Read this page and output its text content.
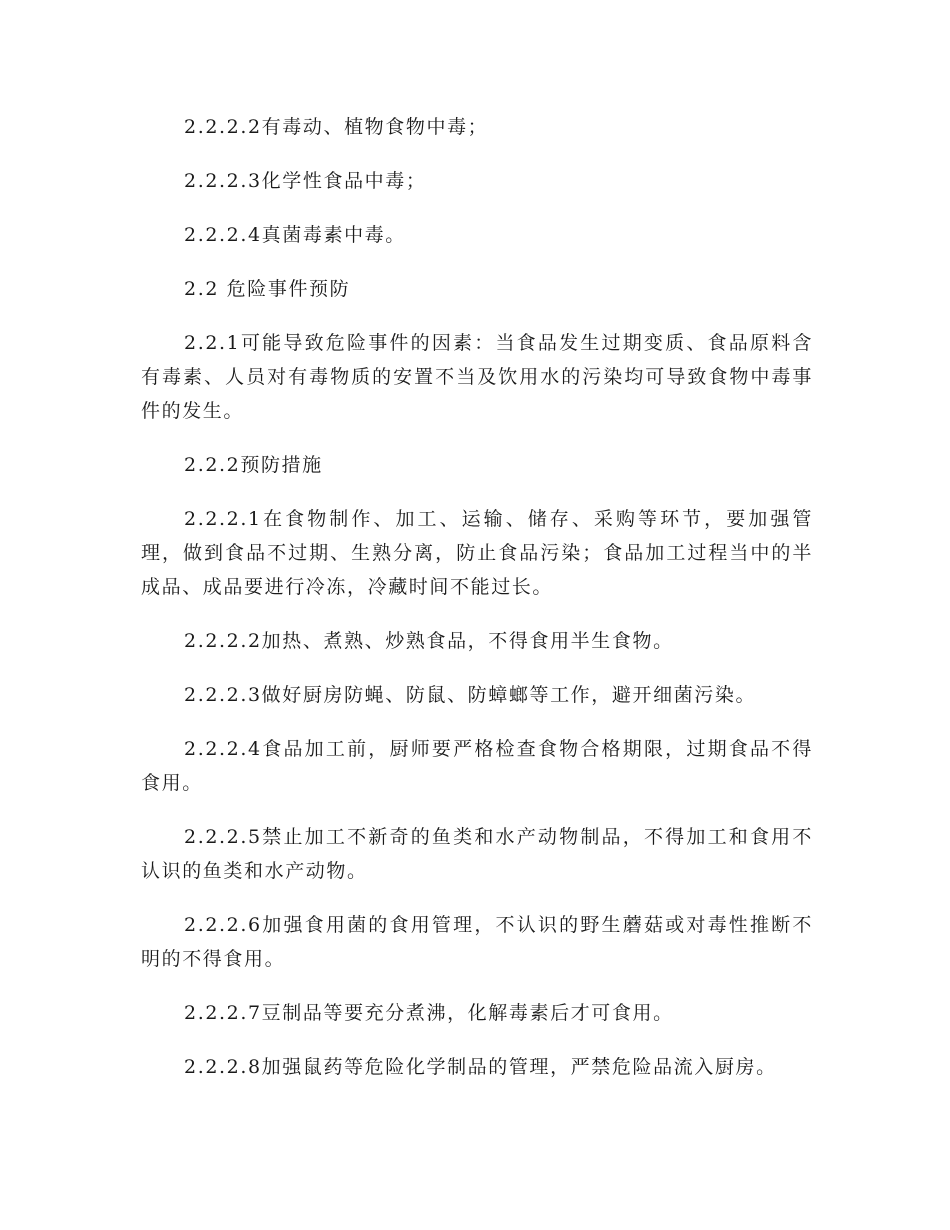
2.2.2.2有毒动、植物食物中毒；

2.2.2.3化学性食品中毒；

2.2.2.4真菌毒素中毒。

2.2 危险事件预防

2.2.1可能导致危险事件的因素：当食品发生过期变质、食品原料含有毒素、人员对有毒物质的安置不当及饮用水的污染均可导致食物中毒事件的发生。

2.2.2预防措施

2.2.2.1在食物制作、加工、运输、储存、采购等环节，要加强管理，做到食品不过期、生熟分离，防止食品污染；食品加工过程当中的半成品、成品要进行冷冻，冷藏时间不能过长。

2.2.2.2加热、煮熟、炒熟食品，不得食用半生食物。

2.2.2.3做好厨房防蝇、防鼠、防蟑螂等工作，避开细菌污染。

2.2.2.4食品加工前，厨师要严格检查食物合格期限，过期食品不得食用。

2.2.2.5禁止加工不新奇的鱼类和水产动物制品，不得加工和食用不认识的鱼类和水产动物。

2.2.2.6加强食用菌的食用管理，不认识的野生蘑菇或对毒性推断不明的不得食用。

2.2.2.7豆制品等要充分煮沸，化解毒素后才可食用。

2.2.2.8加强鼠药等危险化学制品的管理，严禁危险品流入厨房。
